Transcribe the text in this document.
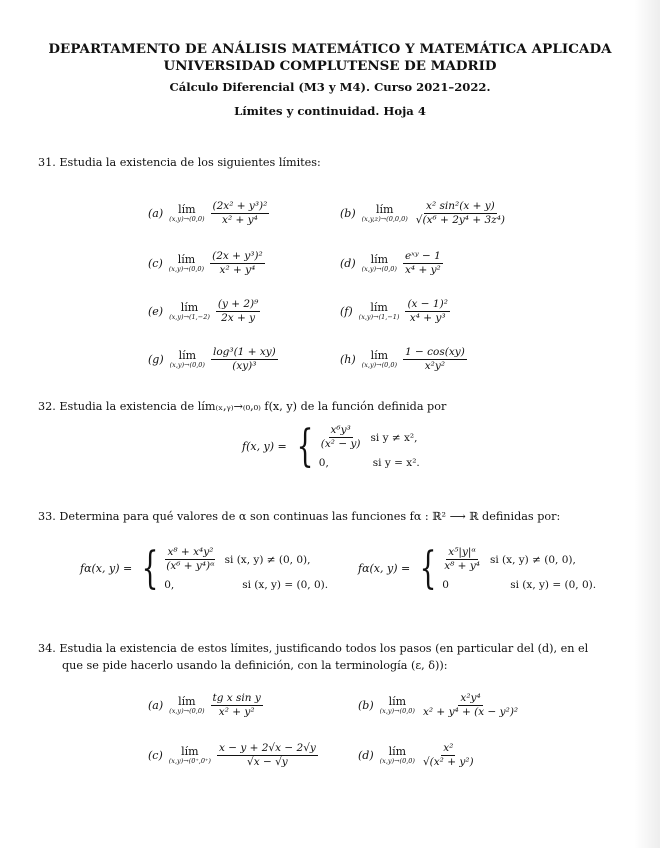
DEPARTAMENTO DE ANÁLISIS MATEMÁTICO Y MATEMÁTICA APLICADA
UNIVERSIDAD COMPLUTENSE DE MADRID
Cálculo Diferencial (M3 y M4). Curso 2021–2022.
Límites y continuidad. Hoja 4
31. Estudia la existencia de los siguientes límites:
(a) lím
$(x,y)\to(0,0) \frac{\text{(2x² + y³)²}}{\text{x² + y⁴}}$	(b) lím
$(x,y,z)\to(0,0,0) \frac{\text{x² sin²(x + y)}}{\text{√(x⁶ + 2y⁴ + 3z⁴)}}$
(c) lím
$(x,y)\to(0,0) \frac{\text{(2x + y³)²}}{\text{x² + y⁴}}$	(d) lím
$(x,y)\to(0,0) \frac{\text{eˣʸ − 1}}{\text{x⁴ + y²}}$
(e) lím
$(x,y)\to(1,-2) \frac{\text{(y + 2)⁹}}{2x + y}$	(f) lím
$(x,y)\to(1,-1) \frac{\text{(x − 1)²}}{\text{x⁴ + y³}}$
(g) lím
$(x,y)\to(0,0) \frac{\text{log³(1 + xy)}}{\text{(xy)³}}$	(h) lím
$(x,y)\to(0,0) \frac{1 - \cos(xy)}{\text{x²y²}}$
32. Estudia la existencia de lím₍ₓ,ᵧ₎→₍₀,₀₎ f(x, y) de la función definida por
f(x, y) = { $\frac{\text{x⁶y³}}{\text{(x² − y)}}$ si y ≠ x²,
0,	si y = x².
33. Determina para qué valores de α son continuas las funciones fα : ℝ² ⟶ ℝ definidas por:
fα(x, y) = { $\frac{\text{x⁸ + x⁴y²}}{\text{(x⁶ + y⁴)ᵅ}}$ si (x, y) ≠ (0, 0),
0,	si (x, y) = (0, 0).
fα(x, y) = { $\frac{\text{x⁵|y|ᵅ}}{\text{x⁸ + y⁴}}$ si (x, y) ≠ (0, 0),
0	si (x, y) = (0, 0).
34. Estudia la existencia de estos límites, justificando todos los pasos (en particular del (d), en el
que se pide hacerlo usando la definición, con la terminología (ε, δ)):
(a) lím
$(x,y)\to(0,0) \frac{\text{tg x sin y}}{\text{x² + y²}}$	(b) lím
$(x,y)\to(0,0) \frac{\text{x²y⁴}}{\text{x² + y⁴ + (x − y²)²}}$
(c) lím
$(x,y)\to(0^+,0^+) \frac{x - y + 2√x - 2√y}{√x - √y}$	(d) lím
$(x,y)\to(0,0) \frac{\text{x²}}{\text{√(x² + y²)}}$
